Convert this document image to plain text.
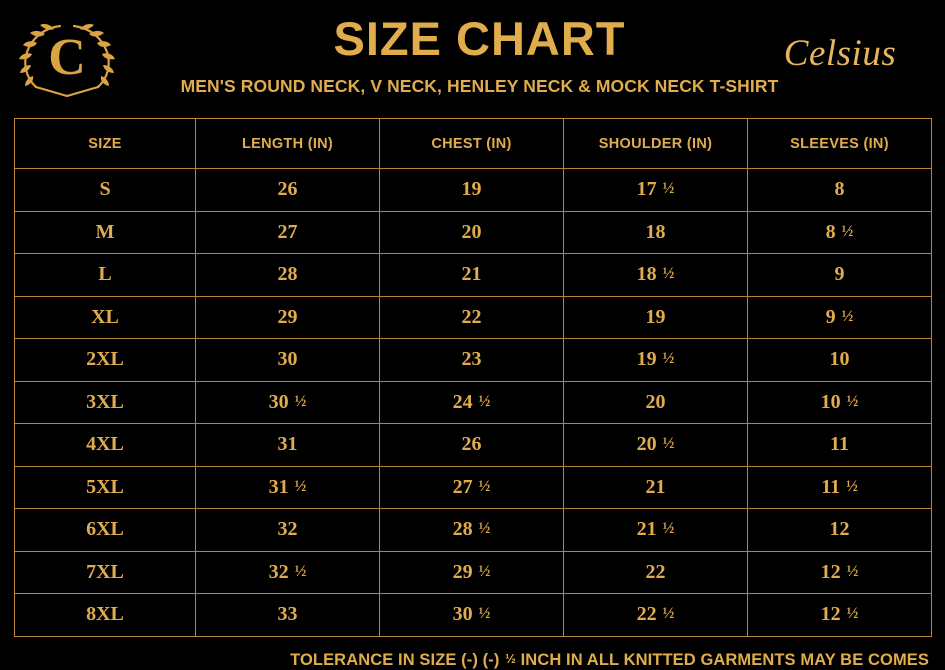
C	SIZE CHART
MEN'S ROUND NECK, V NECK, HENLEY NECK & MOCK NECK T-SHIRT
Celsius
SIZE	LENGTH (IN)	CHEST (IN)	SHOULDER (IN)	SLEEVES (IN)
S	26	19	17 ½	8
M	27	20	18	8 ½
L	28	21	18 ½	9
XL	29	22	19	9 ½
2XL	30	23	19 ½	10
3XL	30 ½	24 ½	20	10 ½
4XL	31	26	20 ½	11
5XL	31 ½	27 ½	21	11 ½
6XL	32	28 ½	21 ½	12
7XL	32 ½	29 ½	22	12 ½
8XL	33	30 ½	22 ½	12 ½
TOLERANCE IN SIZE (-) (-) ½ INCH IN ALL KNITTED GARMENTS MAY BE COMES
